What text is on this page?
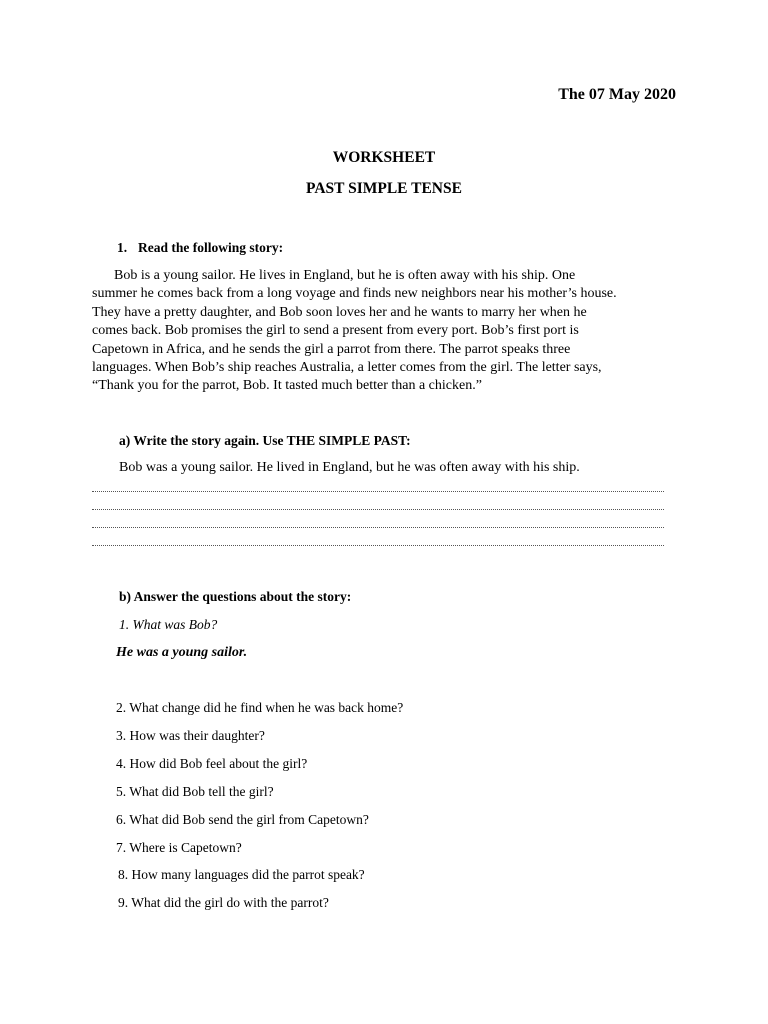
The 07 May 2020
WORKSHEET
PAST SIMPLE TENSE
1. Read the following story:
Bob is a young sailor. He lives in England, but he is often away with his ship. One
summer he comes back from a long voyage and finds new neighbors near his mother’s house.
They have a pretty daughter, and Bob soon loves her and he wants to marry her when he
comes back. Bob promises the girl to send a present from every port. Bob’s first port is
Capetown in Africa, and he sends the girl a parrot from there. The parrot speaks three
languages. When Bob’s ship reaches Australia, a letter comes from the girl. The letter says,
“Thank you for the parrot, Bob. It tasted much better than a chicken.”
a) Write the story again. Use THE SIMPLE PAST:
Bob was a young sailor. He lived in England, but he was often away with his ship.
b) Answer the questions about the story:
1. What was Bob?
He was a young sailor.
2. What change did he find when he was back home?
3. How was their daughter?
4. How did Bob feel about the girl?
5. What did Bob tell the girl?
6. What did Bob send the girl from Capetown?
7. Where is Capetown?
8. How many languages did the parrot speak?
9. What did the girl do with the parrot?
